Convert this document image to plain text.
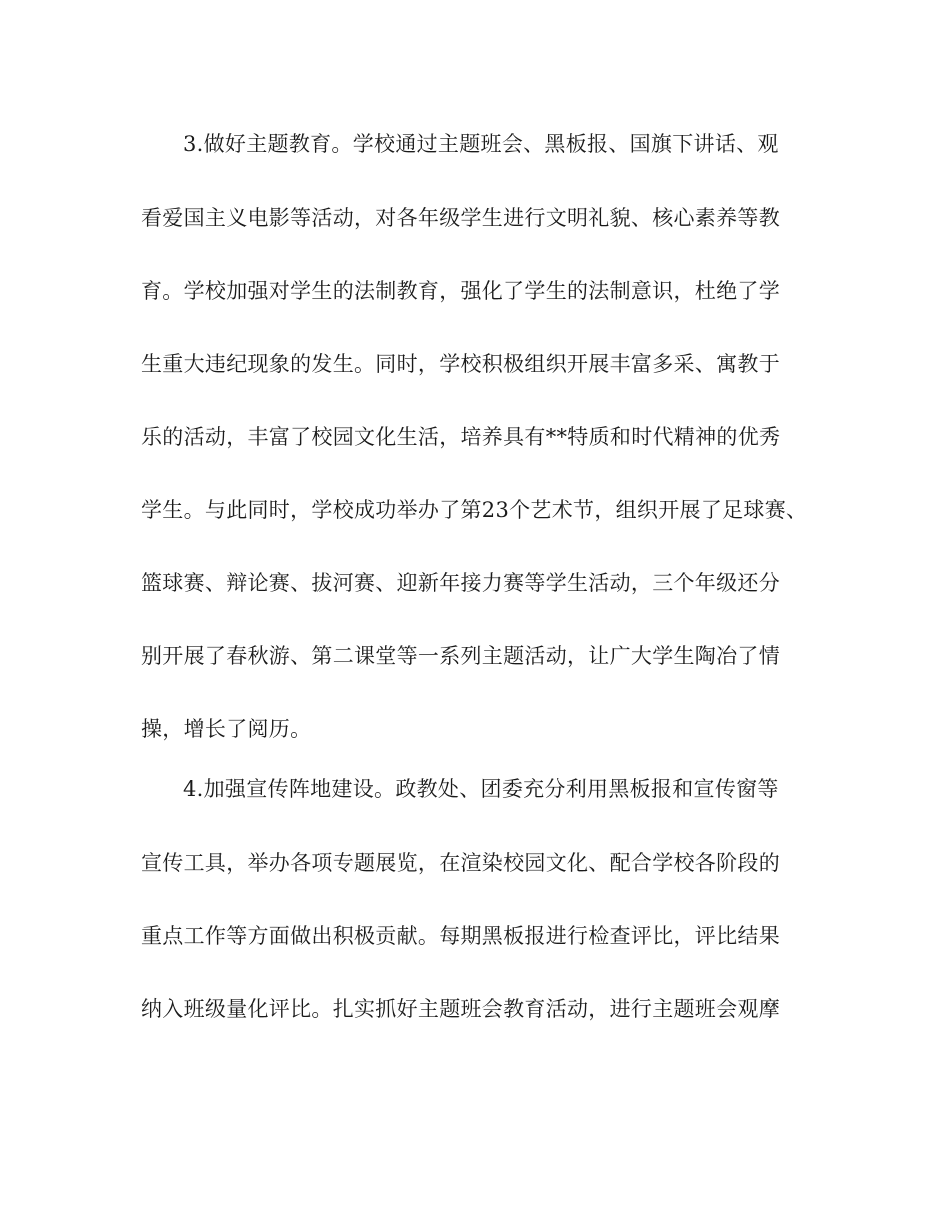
3.做好主题教育。学校通过主题班会、黑板报、国旗下讲话、观
看爱国主义电影等活动，对各年级学生进行文明礼貌、核心素养等教
育。学校加强对学生的法制教育，强化了学生的法制意识，杜绝了学
生重大违纪现象的发生。同时，学校积极组织开展丰富多采、寓教于
乐的活动，丰富了校园文化生活，培养具有**特质和时代精神的优秀
学生。与此同时，学校成功举办了第23个艺术节，组织开展了足球赛、
篮球赛、辩论赛、拔河赛、迎新年接力赛等学生活动，三个年级还分
别开展了春秋游、第二课堂等一系列主题活动，让广大学生陶冶了情
操，增长了阅历。
4.加强宣传阵地建设。政教处、团委充分利用黑板报和宣传窗等
宣传工具，举办各项专题展览，在渲染校园文化、配合学校各阶段的
重点工作等方面做出积极贡献。每期黑板报进行检查评比，评比结果
纳入班级量化评比。扎实抓好主题班会教育活动，进行主题班会观摩
